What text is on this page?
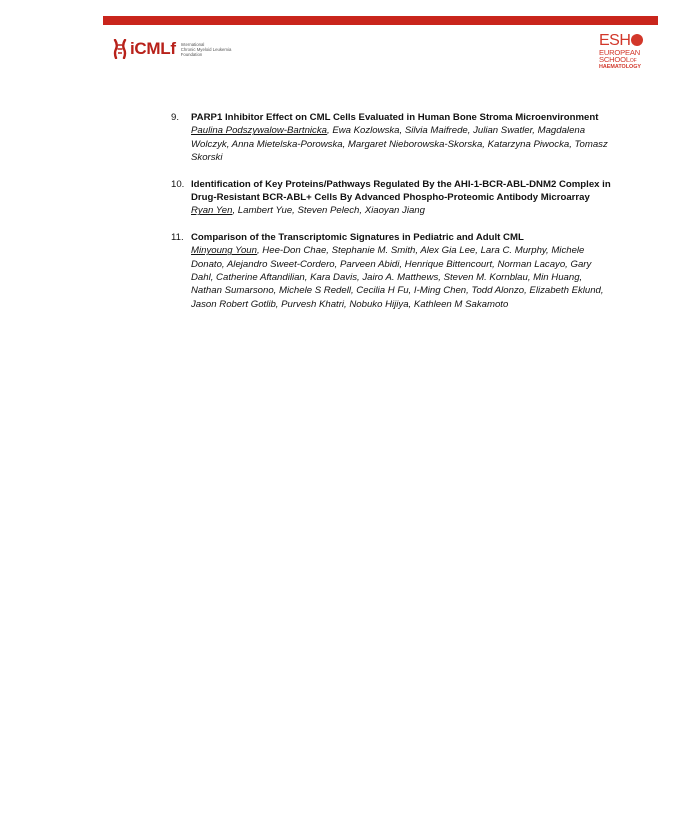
iCMLf International
Chronic Myeloid Leukemia
Foundation
ESH
EUROPEAN
SCHOOLOF
HAEMATOLOGY
9. PARP1 Inhibitor Effect on CML Cells Evaluated in Human Bone Stroma Microenvironment
Paulina Podszywalow-Bartnicka, Ewa Kozlowska, Silvia Maifrede, Julian Swatler, Magdalena Wolczyk, Anna Mietelska-Porowska, Margaret Nieborowska-Skorska, Katarzyna Piwocka, Tomasz Skorski
10. Identification of Key Proteins/Pathways Regulated By the AHI-1-BCR-ABL-DNM2 Complex in Drug-Resistant BCR-ABL+ Cells By Advanced Phospho-Proteomic Antibody Microarray
Ryan Yen, Lambert Yue, Steven Pelech, Xiaoyan Jiang
11. Comparison of the Transcriptomic Signatures in Pediatric and Adult CML
Minyoung Youn, Hee-Don Chae, Stephanie M. Smith, Alex Gia Lee, Lara C. Murphy, Michele Donato, Alejandro Sweet-Cordero, Parveen Abidi, Henrique Bittencourt, Norman Lacayo, Gary Dahl, Catherine Aftandilian, Kara Davis, Jairo A. Matthews, Steven M. Kornblau, Min Huang, Nathan Sumarsono, Michele S Redell, Cecilia H Fu, I-Ming Chen, Todd Alonzo, Elizabeth Eklund, Jason Robert Gotlib, Purvesh Khatri, Nobuko Hijiya, Kathleen M Sakamoto
